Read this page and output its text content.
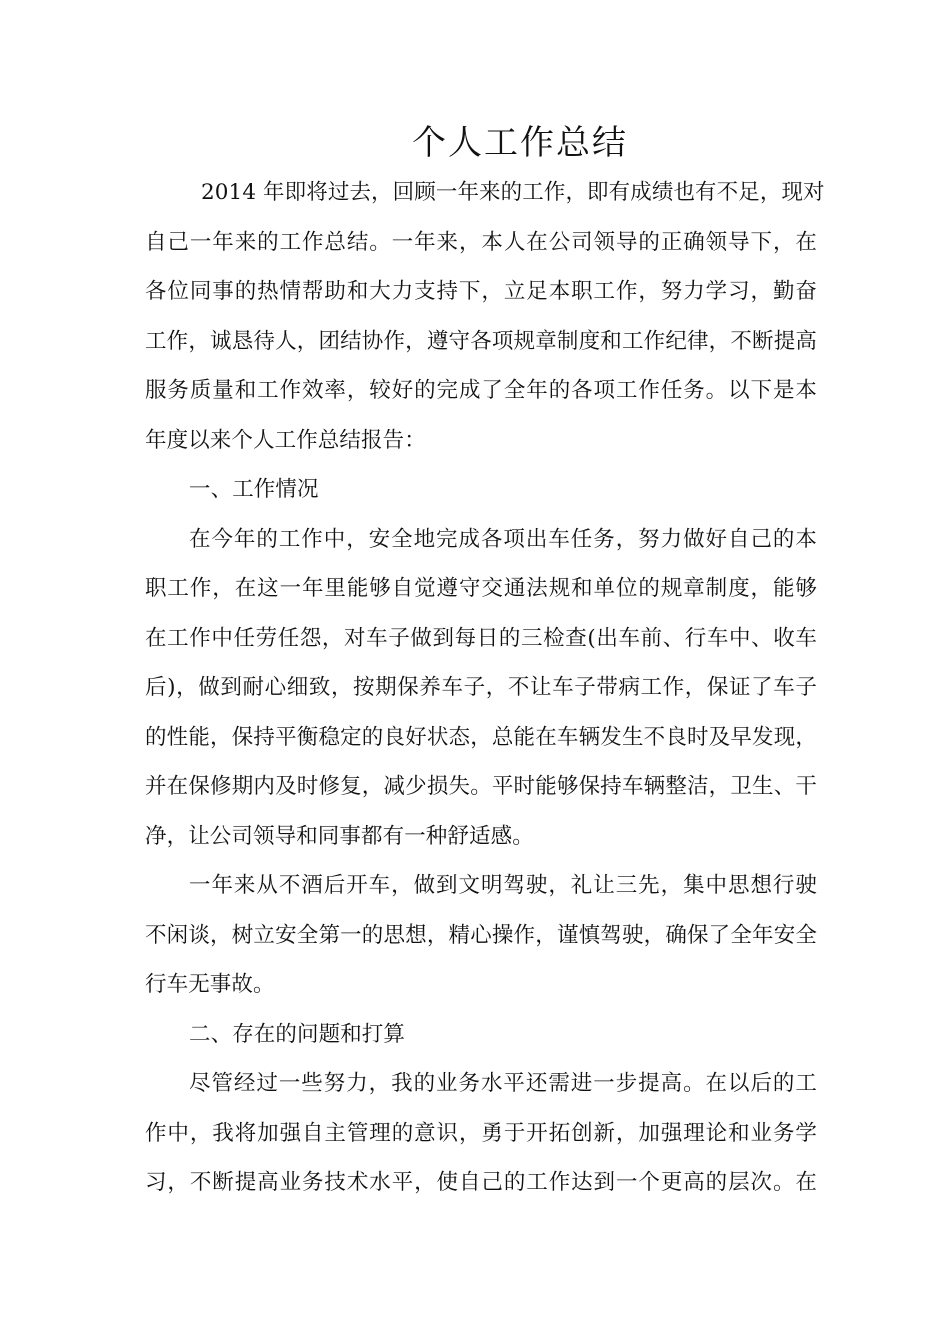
个人工作总结
2014 年即将过去，回顾一年来的工作，即有成绩也有不足，现对
自己一年来的工作总结。一年来，本人在公司领导的正确领导下，在
各位同事的热情帮助和大力支持下，立足本职工作，努力学习，勤奋
工作，诚恳待人，团结协作，遵守各项规章制度和工作纪律，不断提高
服务质量和工作效率，较好的完成了全年的各项工作任务。以下是本
年度以来个人工作总结报告：
一、工作情况
在今年的工作中，安全地完成各项出车任务，努力做好自己的本
职工作，在这一年里能够自觉遵守交通法规和单位的规章制度，能够
在工作中任劳任怨，对车子做到每日的三检查(出车前、行车中、收车
后)，做到耐心细致，按期保养车子，不让车子带病工作，保证了车子
的性能，保持平衡稳定的良好状态，总能在车辆发生不良时及早发现，
并在保修期内及时修复，减少损失。平时能够保持车辆整洁，卫生、干
净，让公司领导和同事都有一种舒适感。
一年来从不酒后开车，做到文明驾驶，礼让三先，集中思想行驶
不闲谈，树立安全第一的思想，精心操作，谨慎驾驶，确保了全年安全
行车无事故。
二、存在的问题和打算
尽管经过一些努力，我的业务水平还需进一步提高。在以后的工
作中，我将加强自主管理的意识，勇于开拓创新，加强理论和业务学
习，不断提高业务技术水平，使自己的工作达到一个更高的层次。在
